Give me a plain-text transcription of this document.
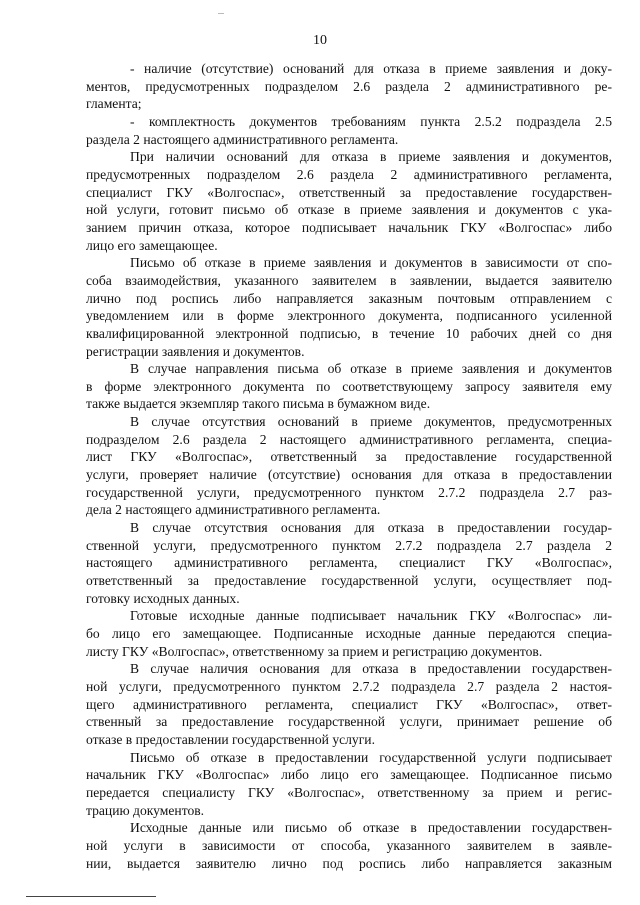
10
- наличие (отсутствие) оснований для отказа в приеме заявления и доку-
ментов, предусмотренных подразделом 2.6 раздела 2 административного ре-
гламента;
- комплектность документов требованиям пункта 2.5.2 подраздела 2.5
раздела 2 настоящего административного регламента.
При наличии оснований для отказа в приеме заявления и документов,
предусмотренных подразделом 2.6 раздела 2 административного регламента,
специалист ГКУ «Волгоспас», ответственный за предоставление государствен-
ной услуги, готовит письмо об отказе в приеме заявления и документов с ука-
занием причин отказа, которое подписывает начальник ГКУ «Волгоспас» либо
лицо его замещающее.
Письмо об отказе в приеме заявления и документов в зависимости от спо-
соба взаимодействия, указанного заявителем в заявлении, выдается заявителю
лично под роспись либо направляется заказным почтовым отправлением с
уведомлением или в форме электронного документа, подписанного усиленной
квалифицированной электронной подписью, в течение 10 рабочих дней со дня
регистрации заявления и документов.
В случае направления письма об отказе в приеме заявления и документов
в форме электронного документа по соответствующему запросу заявителя ему
также выдается экземпляр такого письма в бумажном виде.
В случае отсутствия оснований в приеме документов, предусмотренных
подразделом 2.6 раздела 2 настоящего административного регламента, специа-
лист ГКУ «Волгоспас», ответственный за предоставление государственной
услуги, проверяет наличие (отсутствие) основания для отказа в предоставлении
государственной услуги, предусмотренного пунктом 2.7.2 подраздела 2.7 раз-
дела 2 настоящего административного регламента.
В случае отсутствия основания для отказа в предоставлении государ-
ственной услуги, предусмотренного пунктом 2.7.2 подраздела 2.7 раздела 2
настоящего административного регламента, специалист ГКУ «Волгоспас»,
ответственный за предоставление государственной услуги, осуществляет под-
готовку исходных данных.
Готовые исходные данные подписывает начальник ГКУ «Волгоспас» ли-
бо лицо его замещающее. Подписанные исходные данные передаются специа-
листу ГКУ «Волгоспас», ответственному за прием и регистрацию документов.
В случае наличия основания для отказа в предоставлении государствен-
ной услуги, предусмотренного пунктом 2.7.2 подраздела 2.7 раздела 2 настоя-
щего административного регламента, специалист ГКУ «Волгоспас», ответ-
ственный за предоставление государственной услуги, принимает решение об
отказе в предоставлении государственной услуги.
Письмо об отказе в предоставлении государственной услуги подписывает
начальник ГКУ «Волгоспас» либо лицо его замещающее. Подписанное письмо
передается специалисту ГКУ «Волгоспас», ответственному за прием и регис-
трацию документов.
Исходные данные или письмо об отказе в предоставлении государствен-
ной услуги в зависимости от способа, указанного заявителем в заявле-
нии, выдается заявителю лично под роспись либо направляется заказным
